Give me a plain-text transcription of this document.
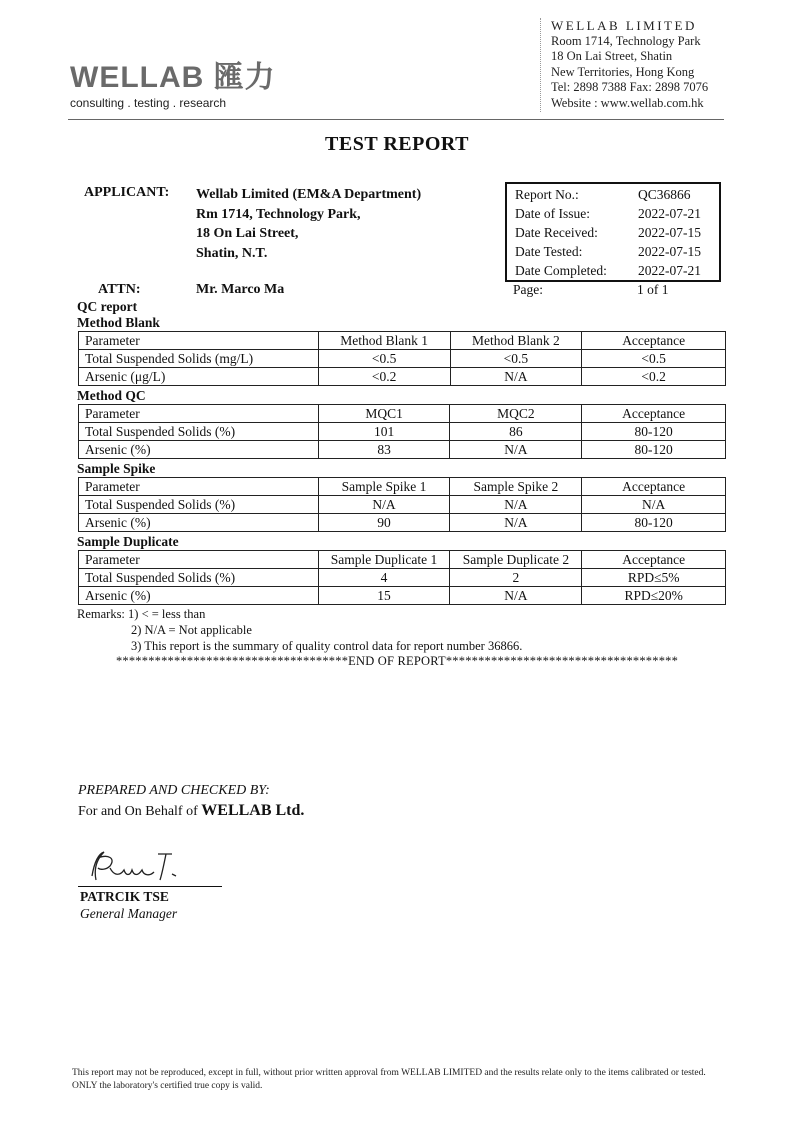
WELLAB 匯力
consulting . testing . research
WELLAB LIMITED
Room 1714, Technology Park
18 On Lai Street, Shatin
New Territories, Hong Kong
Tel: 2898 7388 Fax: 2898 7076
Website : www.wellab.com.hk
TEST REPORT
APPLICANT: Wellab Limited (EM&A Department)
Rm 1714, Technology Park,
18 On Lai Street,
Shatin, N.T.
ATTN:	Mr. Marco Ma
Report No.:	QC36866
Date of Issue:	2022-07-21
Date Received:	2022-07-15
Date Tested:	2022-07-15
Date Completed: 2022-07-21
Page:	1 of 1
QC report
Method Blank
Parameter	Method Blank 1	Method Blank 2	Acceptance
Total Suspended Solids (mg/L)	<0.5	<0.5	<0.5
Arsenic (μg/L)	<0.2	N/A	<0.2
Method QC
Parameter	MQC1	MQC2	Acceptance
Total Suspended Solids (%)	101	86	80-120
Arsenic (%)	83	N/A	80-120
Sample Spike
Parameter	Sample Spike 1	Sample Spike 2	Acceptance
Total Suspended Solids (%)	N/A	N/A	N/A
Arsenic (%)	90	N/A	80-120
Sample Duplicate
Parameter	Sample Duplicate 1	Sample Duplicate 2	Acceptance
Total Suspended Solids (%)	4	2	RPD≤5%
Arsenic (%)	15	N/A	RPD≤20%
Remarks: 1) < = less than
2) N/A = Not applicable
3) This report is the summary of quality control data for report number 36866.
************************************END OF REPORT************************************
PREPARED AND CHECKED BY:
For and On Behalf of WELLAB Ltd.
PATRCIK TSE
General Manager
This report may not be reproduced, except in full, without prior written approval from WELLAB LIMITED and the results relate only to the items calibrated or tested. ONLY the laboratory's certified true copy is valid.
